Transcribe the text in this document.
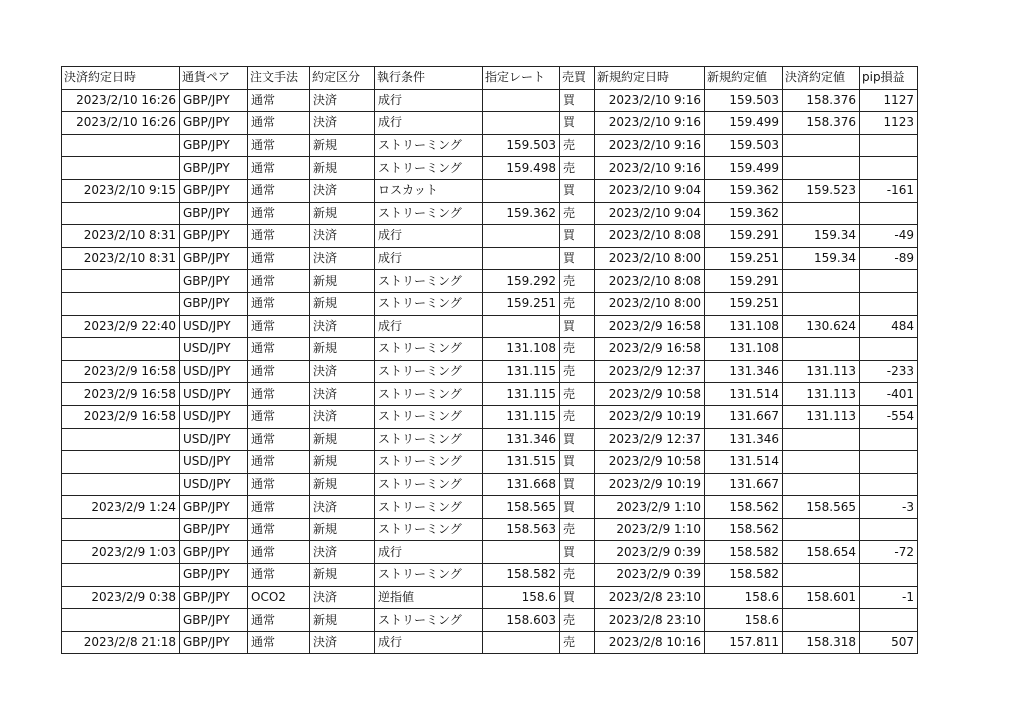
決済約定日時	通貨ペア	注文手法	約定区分	執行条件	指定レート	売買	新規約定日時	新規約定値	決済約定値	pip損益
2023/2/10 16:26	GBP/JPY	通常	決済	成行		買	2023/2/10 9:16	159.503	158.376	1127
2023/2/10 16:26	GBP/JPY	通常	決済	成行		買	2023/2/10 9:16	159.499	158.376	1123
	GBP/JPY	通常	新規	ストリーミング	159.503	売	2023/2/10 9:16	159.503		
	GBP/JPY	通常	新規	ストリーミング	159.498	売	2023/2/10 9:16	159.499		
2023/2/10 9:15	GBP/JPY	通常	決済	ロスカット		買	2023/2/10 9:04	159.362	159.523	-161
	GBP/JPY	通常	新規	ストリーミング	159.362	売	2023/2/10 9:04	159.362		
2023/2/10 8:31	GBP/JPY	通常	決済	成行		買	2023/2/10 8:08	159.291	159.34	-49
2023/2/10 8:31	GBP/JPY	通常	決済	成行		買	2023/2/10 8:00	159.251	159.34	-89
	GBP/JPY	通常	新規	ストリーミング	159.292	売	2023/2/10 8:08	159.291		
	GBP/JPY	通常	新規	ストリーミング	159.251	売	2023/2/10 8:00	159.251		
2023/2/9 22:40	USD/JPY	通常	決済	成行		買	2023/2/9 16:58	131.108	130.624	484
	USD/JPY	通常	新規	ストリーミング	131.108	売	2023/2/9 16:58	131.108		
2023/2/9 16:58	USD/JPY	通常	決済	ストリーミング	131.115	売	2023/2/9 12:37	131.346	131.113	-233
2023/2/9 16:58	USD/JPY	通常	決済	ストリーミング	131.115	売	2023/2/9 10:58	131.514	131.113	-401
2023/2/9 16:58	USD/JPY	通常	決済	ストリーミング	131.115	売	2023/2/9 10:19	131.667	131.113	-554
	USD/JPY	通常	新規	ストリーミング	131.346	買	2023/2/9 12:37	131.346		
	USD/JPY	通常	新規	ストリーミング	131.515	買	2023/2/9 10:58	131.514		
	USD/JPY	通常	新規	ストリーミング	131.668	買	2023/2/9 10:19	131.667		
2023/2/9 1:24	GBP/JPY	通常	決済	ストリーミング	158.565	買	2023/2/9 1:10	158.562	158.565	-3
	GBP/JPY	通常	新規	ストリーミング	158.563	売	2023/2/9 1:10	158.562		
2023/2/9 1:03	GBP/JPY	通常	決済	成行		買	2023/2/9 0:39	158.582	158.654	-72
	GBP/JPY	通常	新規	ストリーミング	158.582	売	2023/2/9 0:39	158.582		
2023/2/9 0:38	GBP/JPY	OCO2	決済	逆指値	158.6	買	2023/2/8 23:10	158.6	158.601	-1
	GBP/JPY	通常	新規	ストリーミング	158.603	売	2023/2/8 23:10	158.6		
2023/2/8 21:18	GBP/JPY	通常	決済	成行		売	2023/2/8 10:16	157.811	158.318	507
